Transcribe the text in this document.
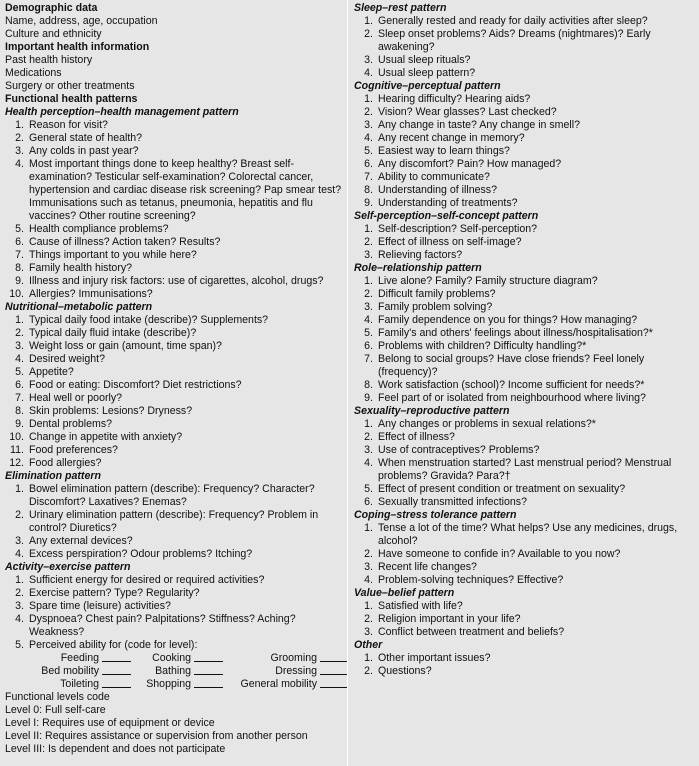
Demographic data
Name, address, age, occupation
Culture and ethnicity
Important health information
Past health history
Medications
Surgery or other treatments
Functional health patterns
Health perception–health management pattern
1. Reason for visit?
2. General state of health?
3. Any colds in past year?
4. Most important things done to keep healthy? Breast self-examination? Testicular self-examination? Colorectal cancer, hypertension and cardiac disease risk screening? Pap smear test? Immunisations such as tetanus, pneumonia, hepatitis and flu vaccines? Other routine screening?
5. Health compliance problems?
6. Cause of illness? Action taken? Results?
7. Things important to you while here?
8. Family health history?
9. Illness and injury risk factors: use of cigarettes, alcohol, drugs?
10. Allergies? Immunisations?
Nutritional–metabolic pattern
1. Typical daily food intake (describe)? Supplements?
2. Typical daily fluid intake (describe)?
3. Weight loss or gain (amount, time span)?
4. Desired weight?
5. Appetite?
6. Food or eating: Discomfort? Diet restrictions?
7. Heal well or poorly?
8. Skin problems: Lesions? Dryness?
9. Dental problems?
10. Change in appetite with anxiety?
11. Food preferences?
12. Food allergies?
Elimination pattern
1. Bowel elimination pattern (describe): Frequency? Character? Discomfort? Laxatives? Enemas?
2. Urinary elimination pattern (describe): Frequency? Problem in control? Diuretics?
3. Any external devices?
4. Excess perspiration? Odour problems? Itching?
Activity–exercise pattern
1. Sufficient energy for desired or required activities?
2. Exercise pattern? Type? Regularity?
3. Spare time (leisure) activities?
4. Dyspnoea? Chest pain? Palpitations? Stiffness? Aching? Weakness?
5. Perceived ability for (code for level):
Feeding	Cooking	Grooming
Bed mobility	Bathing	Dressing
Toileting	Shopping	General mobility
Functional levels code
Level 0: Full self-care
Level I: Requires use of equipment or device
Level II: Requires assistance or supervision from another person
Level III: Is dependent and does not participate
Sleep–rest pattern
1. Generally rested and ready for daily activities after sleep?
2. Sleep onset problems? Aids? Dreams (nightmares)? Early awakening?
3. Usual sleep rituals?
4. Usual sleep pattern?
Cognitive–perceptual pattern
1. Hearing difficulty? Hearing aids?
2. Vision? Wear glasses? Last checked?
3. Any change in taste? Any change in smell?
4. Any recent change in memory?
5. Easiest way to learn things?
6. Any discomfort? Pain? How managed?
7. Ability to communicate?
8. Understanding of illness?
9. Understanding of treatments?
Self-perception–self-concept pattern
1. Self-description? Self-perception?
2. Effect of illness on self-image?
3. Relieving factors?
Role–relationship pattern
1. Live alone? Family? Family structure diagram?
2. Difficult family problems?
3. Family problem solving?
4. Family dependence on you for things? How managing?
5. Family's and others' feelings about illness/hospitalisation?*
6. Problems with children? Difficulty handling?*
7. Belong to social groups? Have close friends? Feel lonely (frequency)?
8. Work satisfaction (school)? Income sufficient for needs?*
9. Feel part of or isolated from neighbourhood where living?
Sexuality–reproductive pattern
1. Any changes or problems in sexual relations?*
2. Effect of illness?
3. Use of contraceptives? Problems?
4. When menstruation started? Last menstrual period? Menstrual problems? Gravida? Para?†
5. Effect of present condition or treatment on sexuality?
6. Sexually transmitted infections?
Coping–stress tolerance pattern
1. Tense a lot of the time? What helps? Use any medicines, drugs, alcohol?
2. Have someone to confide in? Available to you now?
3. Recent life changes?
4. Problem-solving techniques? Effective?
Value–belief pattern
1. Satisfied with life?
2. Religion important in your life?
3. Conflict between treatment and beliefs?
Other
1. Other important issues?
2. Questions?
